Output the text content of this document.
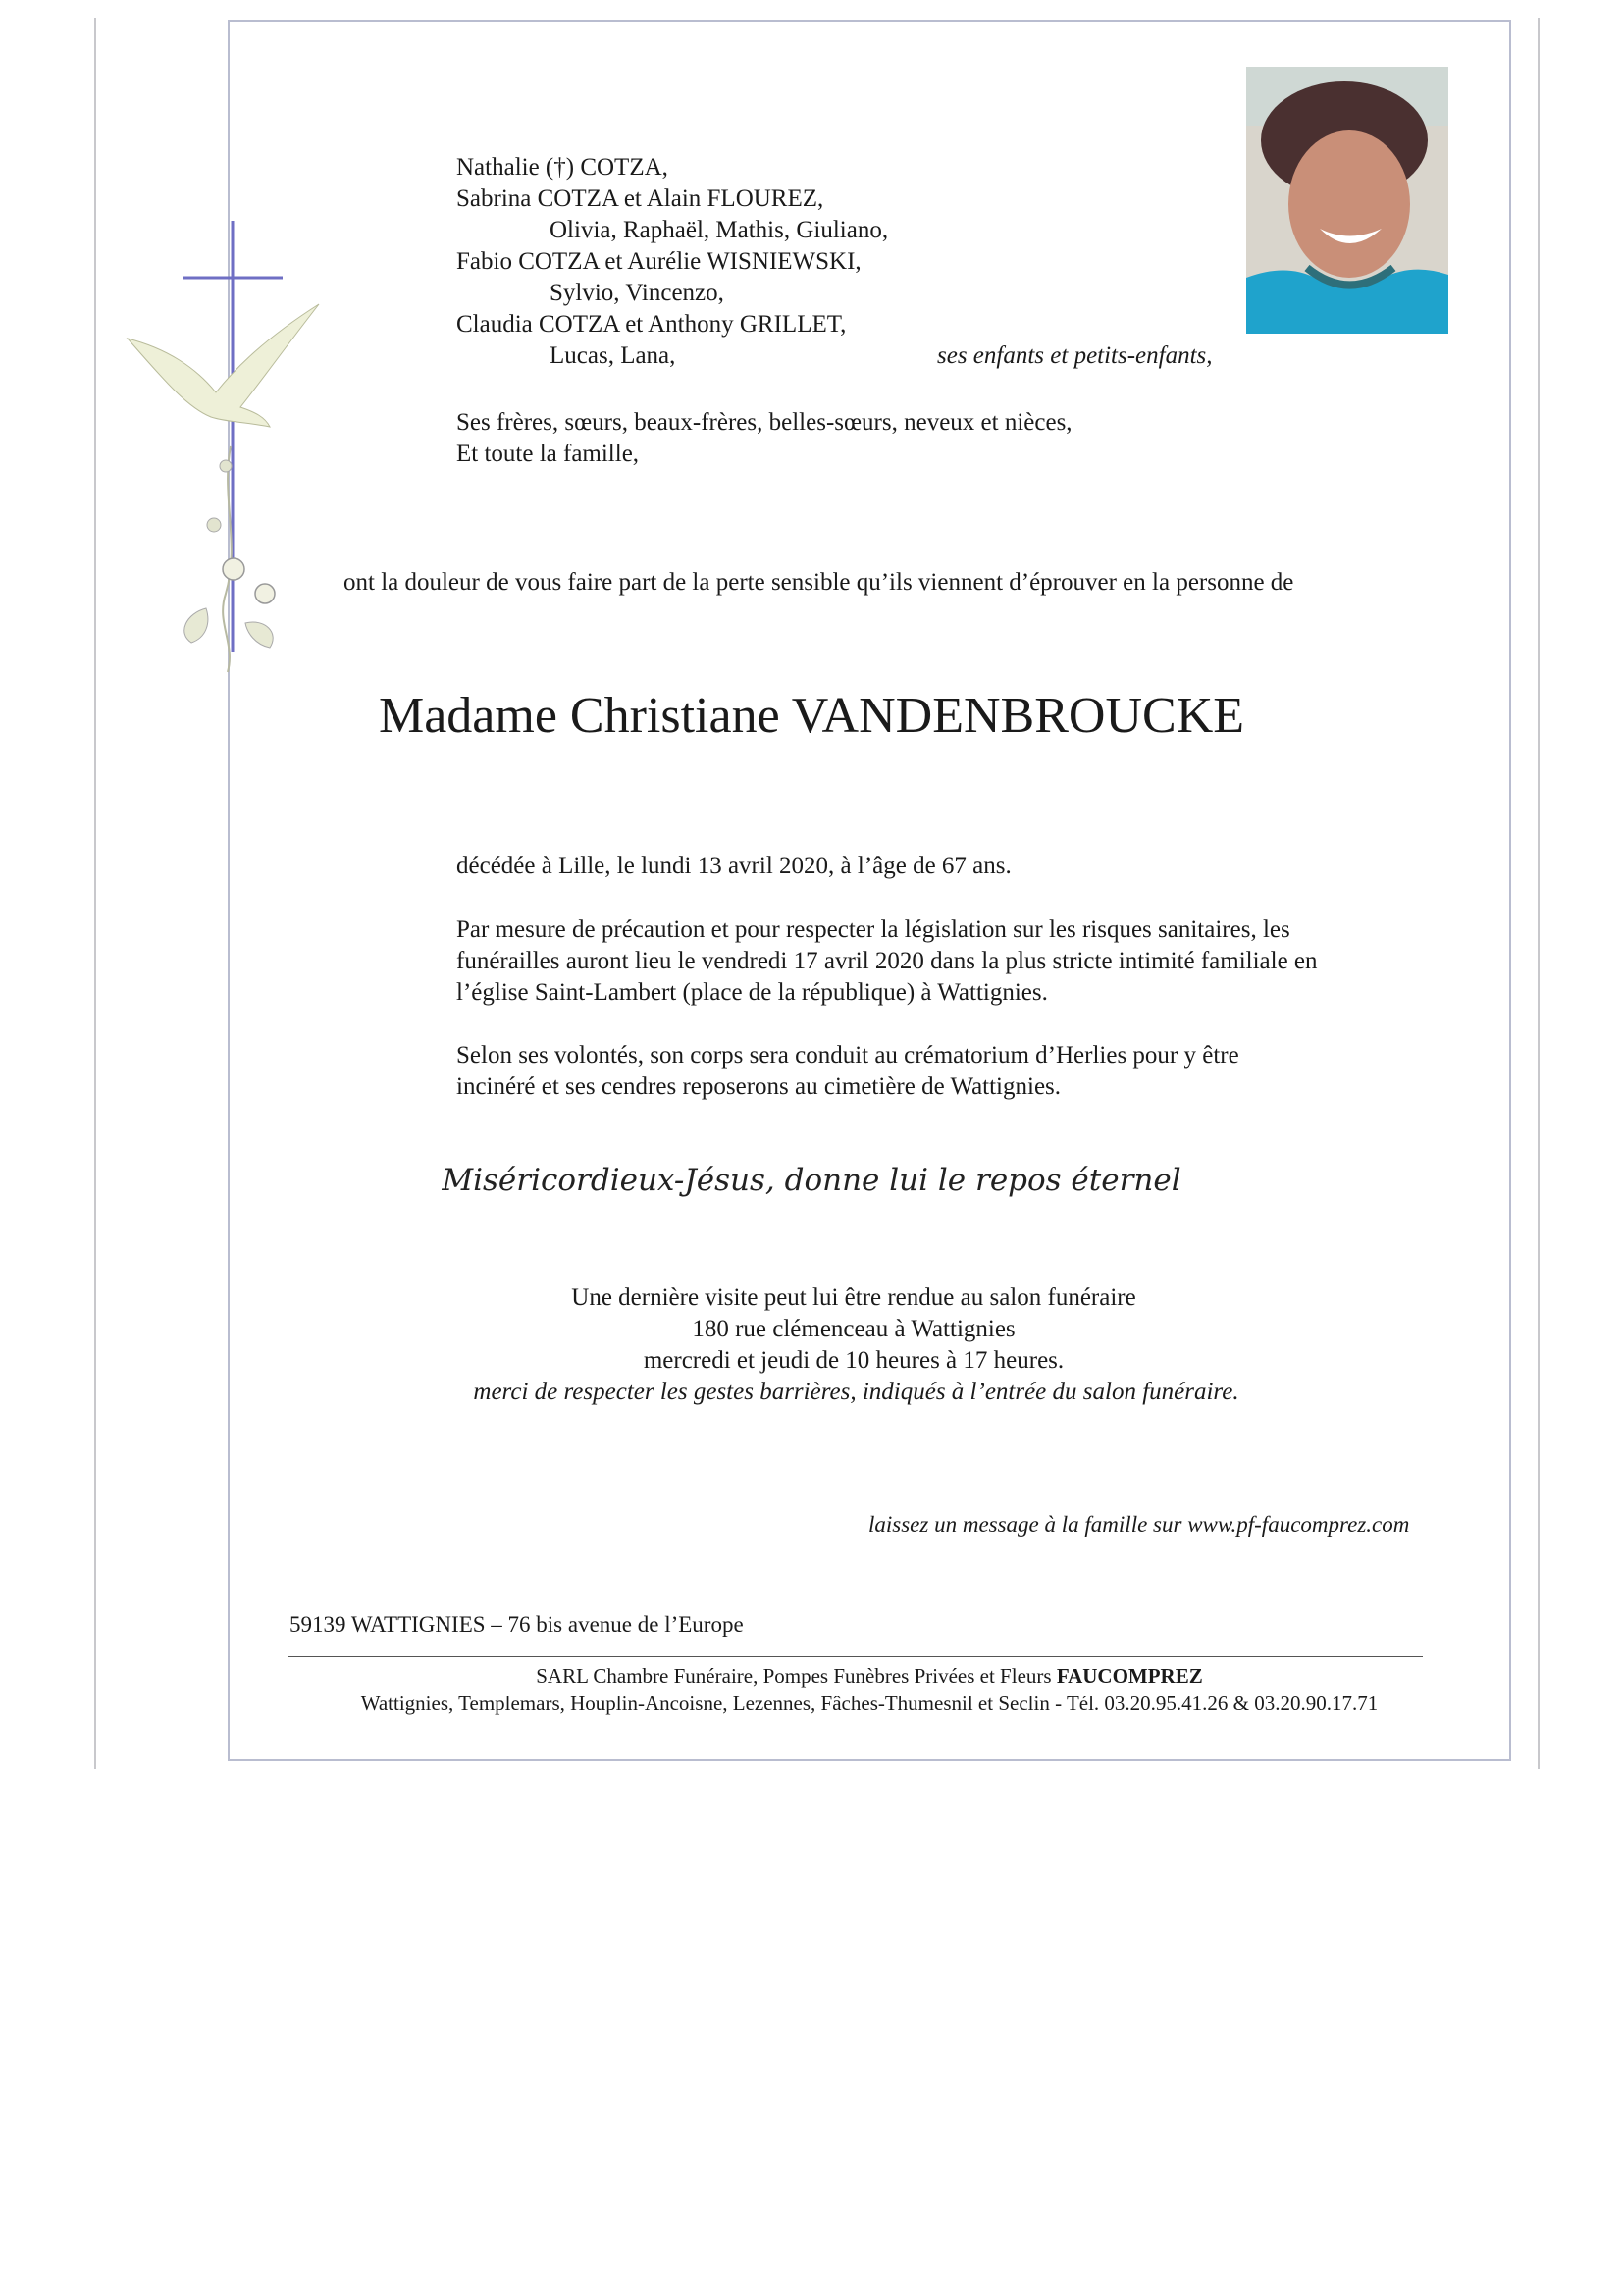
Nathalie (†) COTZA,

Sabrina COTZA et Alain FLOUREZ,

Olivia, Raphaël, Mathis, Giuliano,

Fabio COTZA et Aurélie WISNIEWSKI,

Sylvio, Vincenzo,

Claudia COTZA et Anthony GRILLET,

Lucas, Lana,	ses enfants et petits-enfants,

Ses frères, sœurs, beaux-frères, belles-sœurs, neveux et nièces,

Et toute la famille,

ont la douleur de vous faire part de la perte sensible qu’ils viennent d’éprouver en la personne de

Madame Christiane VANDENBROUCKE

décédée à Lille, le lundi 13 avril 2020, à l’âge de 67 ans.

Par mesure de précaution et pour respecter la législation sur les risques sanitaires, les

funérailles auront lieu le vendredi 17 avril 2020 dans la plus stricte intimité familiale en

l’église Saint-Lambert (place de la république) à Wattignies.

Selon ses volontés, son corps sera conduit au crématorium d’Herlies pour y être

incinéré et ses cendres reposerons au cimetière de Wattignies.

Miséricordieux-Jésus, donne lui le repos éternel
Une dernière visite peut lui être rendue au salon funéraire
180 rue clémenceau à Wattignies
mercredi et jeudi de 10 heures à 17 heures.
merci de respecter les gestes barrières, indiqués à l’entrée du salon funéraire.

laissez un message à la famille sur www.pf-faucomprez.com

59139 WATTIGNIES – 76 bis avenue de l’Europe

SARL Chambre Funéraire, Pompes Funèbres Privées et Fleurs FAUCOMPREZ
Wattignies, Templemars, Houplin-Ancoisne, Lezennes, Fâches-Thumesnil et Seclin - Tél. 03.20.95.41.26 & 03.20.90.17.71
